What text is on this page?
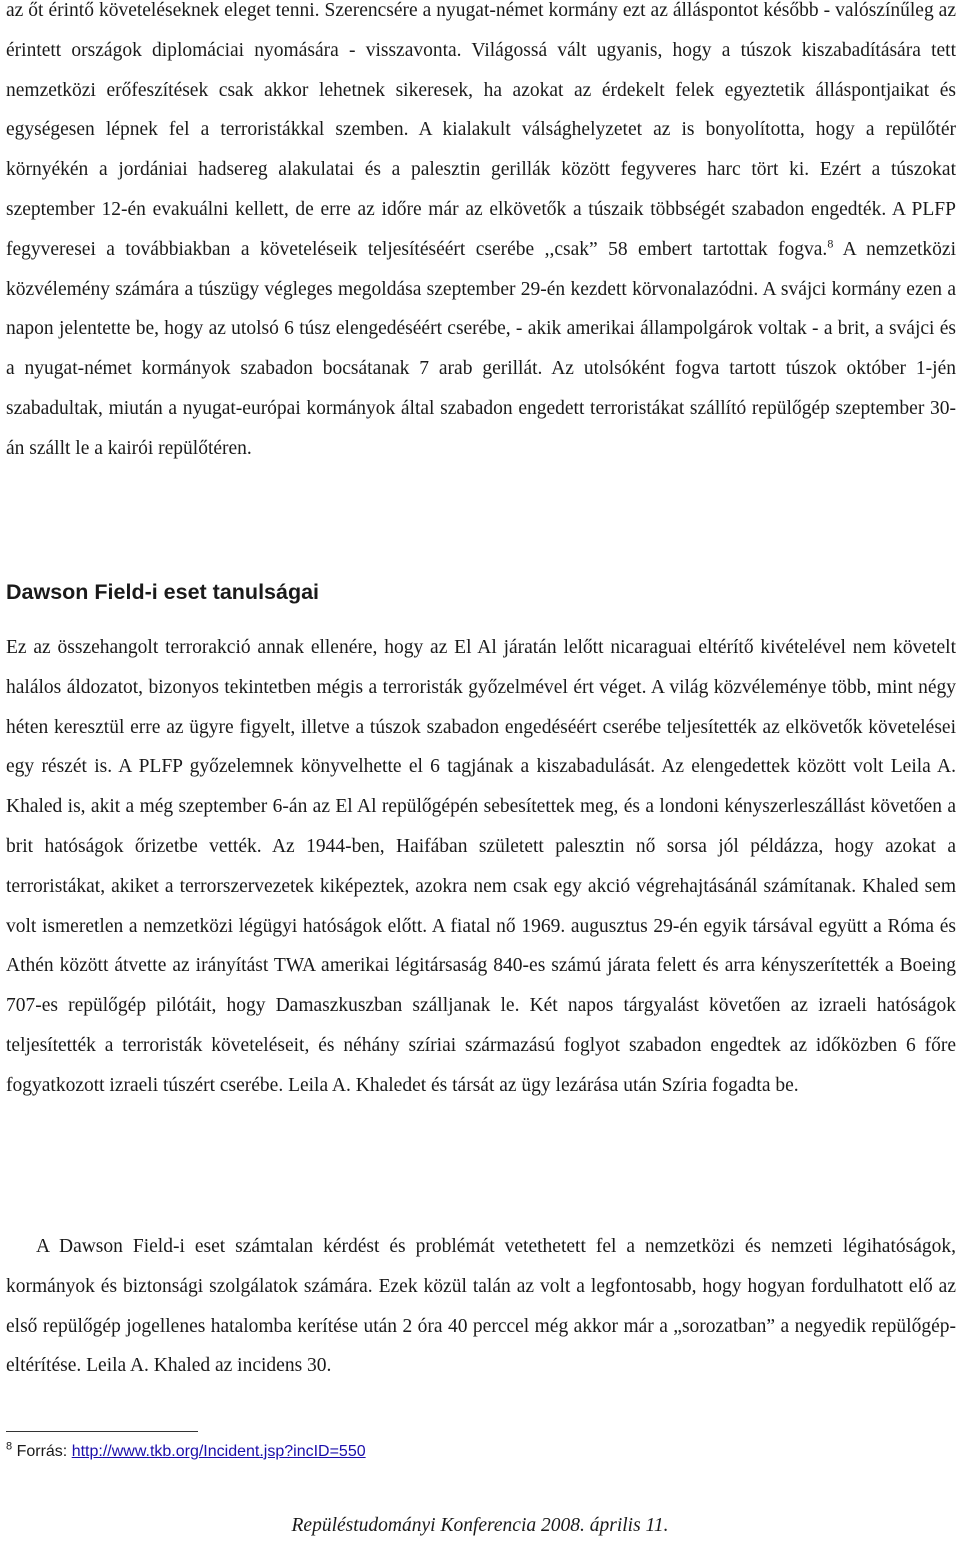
az őt érintő követeléseknek eleget tenni. Szerencsére a nyugat-német kormány ezt az álláspontot később - valószínűleg az érintett országok diplomáciai nyomására - visszavonta. Világossá vált ugyanis, hogy a túszok kiszabadítására tett nemzetközi erőfeszítések csak akkor lehetnek sikeresek, ha azokat az érdekelt felek egyeztetik álláspontjaikat és egységesen lépnek fel a terroristákkal szemben. A kialakult válsághelyzetet az is bonyolította, hogy a repülőtér környékén a jordániai hadsereg alakulatai és a palesztin gerillák között fegyveres harc tört ki. Ezért a túszokat szeptember 12-én evakuálni kellett, de erre az időre már az elkövetők a túszaik többségét szabadon engedték. A PLFP fegyveresei a továbbiakban a követeléseik teljesítéséért cserébe ,,csak” 58 embert tartottak fogva.$^8$ A nemzetközi közvélemény számára a túszügy végleges megoldása szeptember 29-én kezdett körvonalazódni. A svájci kormány ezen a napon jelentette be, hogy az utolsó 6 túsz elengedéséért cserébe, - akik amerikai állampolgárok voltak - a brit, a svájci és a nyugat-német kormányok szabadon bocsátanak 7 arab gerillát. Az utolsóként fogva tartott túszok október 1-jén szabadultak, miután a nyugat-európai kormányok által szabadon engedett terroristákat szállító repülőgép szeptember 30-án szállt le a kairói repülőtéren.

Dawson Field-i eset tanulságai

Ez az összehangolt terrorakció annak ellenére, hogy az El Al járatán lelőtt nicaraguai eltérítő kivételével nem követelt halálos áldozatot, bizonyos tekintetben mégis a terroristák győzelmével ért véget. A világ közvéleménye több, mint négy héten keresztül erre az ügyre figyelt, illetve a túszok szabadon engedéséért cserébe teljesítették az elkövetők követelései egy részét is. A PLFP győzelemnek könyvelhette el 6 tagjának a kiszabadulását. Az elengedettek között volt Leila A. Khaled is, akit a még szeptember 6-án az El Al repülőgépén sebesítettek meg, és a londoni kényszerleszállást követően a brit hatóságok őrizetbe vették. Az 1944-ben, Haifában született palesztin nő sorsa jól példázza, hogy azokat a terroristákat, akiket a terrorszervezetek kiképeztek, azokra nem csak egy akció végrehajtásánál számítanak. Khaled sem volt ismeretlen a nemzetközi légügyi hatóságok előtt. A fiatal nő 1969. augusztus 29-én egyik társával együtt a Róma és Athén között átvette az irányítást TWA amerikai légitársaság 840-es számú járata felett és arra kényszerítették a Boeing 707-es repülőgép pilótáit, hogy Damaszkuszban szálljanak le. Két napos tárgyalást követően az izraeli hatóságok teljesítették a terroristák követeléseit, és néhány szíriai származású foglyot szabadon engedtek az időközben 6 főre fogyatkozott izraeli túszért cserébe. Leila A. Khaledet és társát az ügy lezárása után Szíria fogadta be.

A Dawson Field-i eset számtalan kérdést és problémát vetethetett fel a nemzetközi és nemzeti légihatóságok, kormányok és biztonsági szolgálatok számára. Ezek közül talán az volt a legfontosabb, hogy hogyan fordulhatott elő az első repülőgép jogellenes hatalomba kerítése után 2 óra 40 perccel még akkor már a „sorozatban” a negyedik repülőgép-eltérítése. Leila A. Khaled az incidens 30.

$^8$ Forrás: http://www.tkb.org/Incident.jsp?incID=550

Repüléstudományi Konferencia 2008. április 11.
